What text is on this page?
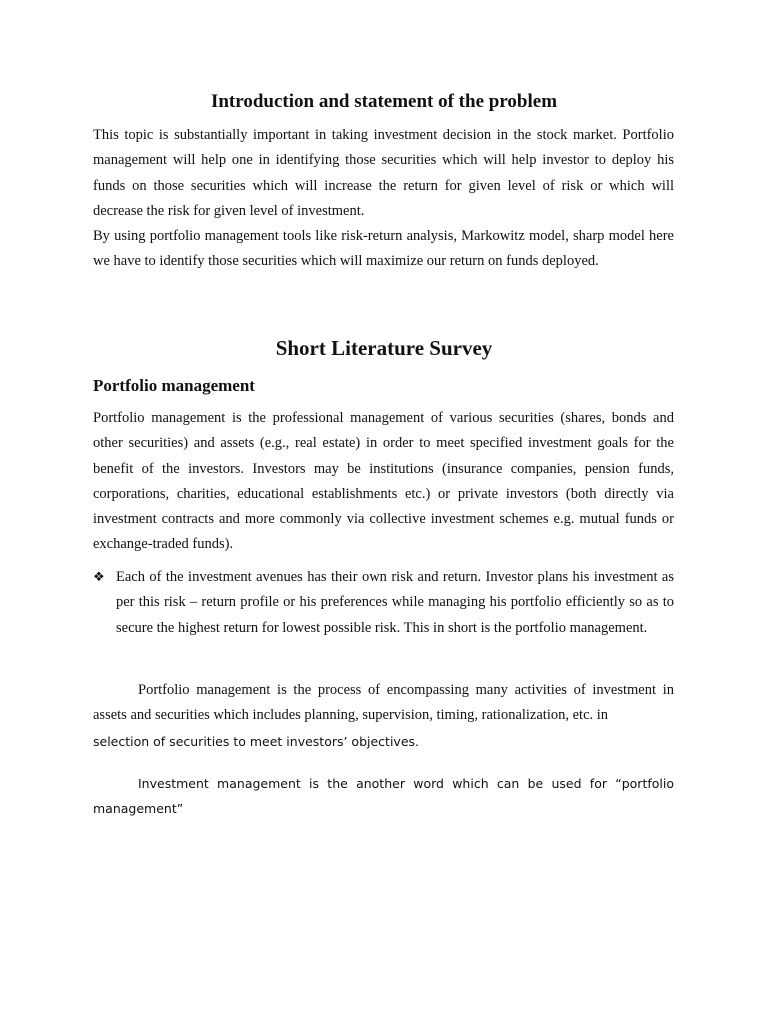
Introduction and statement of the problem

This topic is substantially important in taking investment decision in the stock market. Portfolio management will help one in identifying those securities which will help investor to deploy his funds on those securities which will increase the return for given level of risk or which will decrease the risk for given level of investment.

By using portfolio management tools like risk-return analysis, Markowitz model, sharp model here we have to identify those securities which will maximize our return on funds deployed.

Short Literature Survey
Portfolio management

Portfolio management is the professional management of various securities (shares, bonds and other securities) and assets (e.g., real estate) in order to meet specified investment goals for the benefit of the investors. Investors may be institutions (insurance companies, pension funds, corporations, charities, educational establishments etc.) or private investors (both directly via investment contracts and more commonly via collective investment schemes e.g. mutual funds or exchange-traded funds).

❖ Each of the investment avenues has their own risk and return. Investor plans his investment as per this risk – return profile or his preferences while managing his portfolio efficiently so as to secure the highest return for lowest possible risk. This in short is the portfolio management.
Portfolio management is the process of encompassing many activities of investment in assets and securities which includes planning, supervision, timing, rationalization, etc. in
selection of securities to meet investors’ objectives.
Investment management is the another word which can be used for “portfolio
management”
